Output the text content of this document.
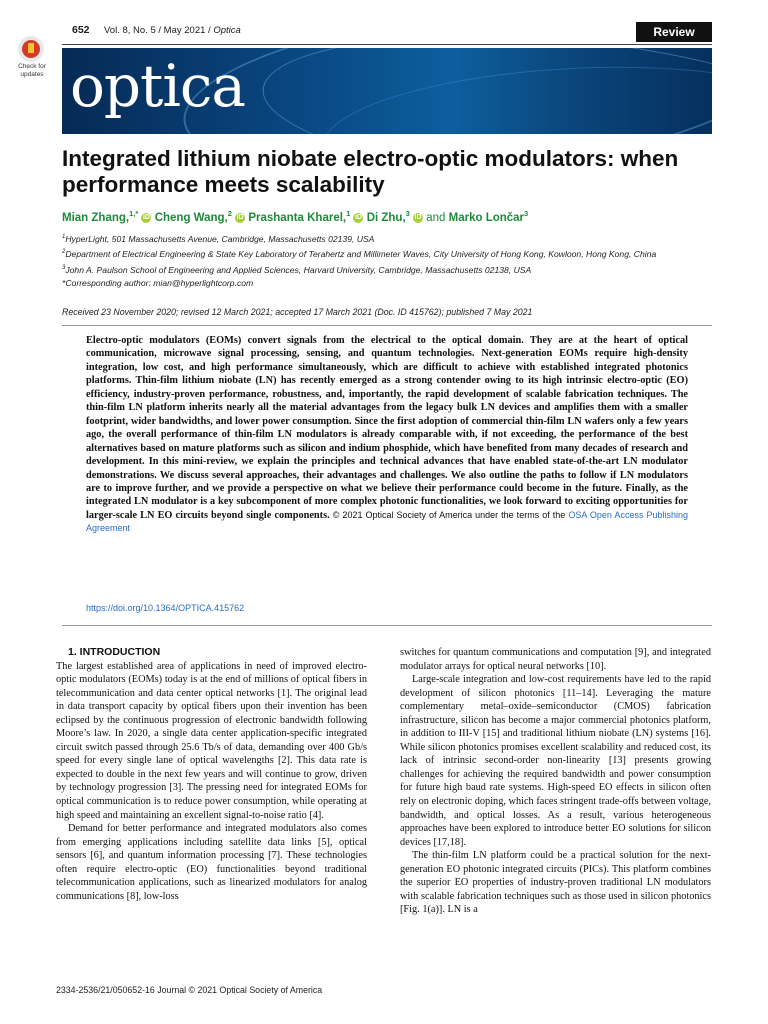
652 Vol. 8, No. 5 / May 2021 / Optica	Review
Check for updates optica
Integrated lithium niobate electro-optic modulators: when performance meets scalability
Mian Zhang,$^{1,*}$ iD Cheng Wang,$^2$ iD Prashanta Kharel,$^1$ iD Di Zhu,$^3$ iD and Marko Lončar$^3$

$^1$HyperLight, 501 Massachusetts Avenue, Cambridge, Massachusetts 02139, USA

$^2$Department of Electrical Engineering & State Key Laboratory of Terahertz and Millimeter Waves, City University of Hong Kong, Kowloon, Hong Kong, China

$^3$John A. Paulson School of Engineering and Applied Sciences, Harvard University, Cambridge, Massachusetts 02138, USA

*Corresponding author: mian@hyperlightcorp.com

Received 23 November 2020; revised 12 March 2021; accepted 17 March 2021 (Doc. ID 415762); published 7 May 2021
Electro-optic modulators (EOMs) convert signals from the electrical to the optical domain. They are at the heart of optical communication, microwave signal processing, sensing, and quantum technologies. Next-generation EOMs require high-density integration, low cost, and high performance simultaneously, which are difficult to achieve with established integrated photonics platforms. Thin-film lithium niobate (LN) has recently emerged as a strong contender owing to its high intrinsic electro-optic (EO) efficiency, industry-proven performance, robustness, and, importantly, the rapid development of scalable fabrication techniques. The thin-film LN platform inherits nearly all the material advantages from the legacy bulk LN devices and amplifies them with a smaller footprint, wider bandwidths, and lower power consumption. Since the first adoption of commercial thin-film LN wafers only a few years ago, the overall performance of thin-film LN modulators is already comparable with, if not exceeding, the performance of the best alternatives based on mature platforms such as silicon and indium phosphide, which have benefited from many decades of research and development. In this mini-review, we explain the principles and technical advances that have enabled state-of-the-art LN modulator demonstrations. We discuss several approaches, their advantages and challenges. We also outline the paths to follow if LN modulators are to improve further, and we provide a perspective on what we believe their performance could become in the future. Finally, as the integrated LN modulator is a key subcomponent of more complex photonic functionalities, we look forward to exciting opportunities for larger-scale LN EO circuits beyond single components. © 2021 Optical Society of America under the terms of the OSA Open Access Publishing Agreement
https://doi.org/10.1364/OPTICA.415762

1. INTRODUCTION

The largest established area of applications in need of improved electro-optic modulators (EOMs) today is at the end of millions of optical fibers in telecommunication and data center optical networks [1]. The original lead in data transport capacity by optical fibers upon their invention has been eclipsed by the continuous progression of electronic bandwidth following Moore’s law. In 2020, a single data center application-specific integrated circuit switch passed through 25.6 Tb/s of data, demanding over 400 Gb/s speed for every single lane of optical wavelengths [2]. This data rate is expected to double in the next few years and will continue to grow, driven by technology progression [3]. The pressing need for integrated EOMs for optical communication is to reduce power consumption, while operating at high speed and maintaining an excellent signal-to-noise ratio [4].

Demand for better performance and integrated modulators also comes from emerging applications including satellite data links [5], optical sensors [6], and quantum information processing [7]. These technologies often require electro-optic (EO) functionalities beyond traditional telecommunication applications, such as linearized modulators for analog communications [8], low-loss

switches for quantum communications and computation [9], and integrated modulator arrays for optical neural networks [10].

Large-scale integration and low-cost requirements have led to the rapid development of silicon photonics [11–14]. Leveraging the mature complementary metal–oxide–semiconductor (CMOS) fabrication infrastructure, silicon has become a major commercial photonics platform, in addition to III-V [15] and traditional lithium niobate (LN) systems [16]. While silicon photonics promises excellent scalability and reduced cost, its lack of intrinsic second-order non-linearity [13] presents growing challenges for achieving the required bandwidth and power consumption for future high baud rate systems. High-speed EO effects in silicon often rely on electronic doping, which faces stringent trade-offs between voltage, bandwidth, and optical losses. As a result, various heterogeneous approaches have been explored to introduce better EO solutions for silicon devices [17,18].

The thin-film LN platform could be a practical solution for the next-generation EO photonic integrated circuits (PICs). This platform combines the superior EO properties of industry-proven traditional LN modulators with scalable fabrication techniques such as those used in silicon photonics [Fig. 1(a)]. LN is a

2334-2536/21/050652-16 Journal © 2021 Optical Society of America
